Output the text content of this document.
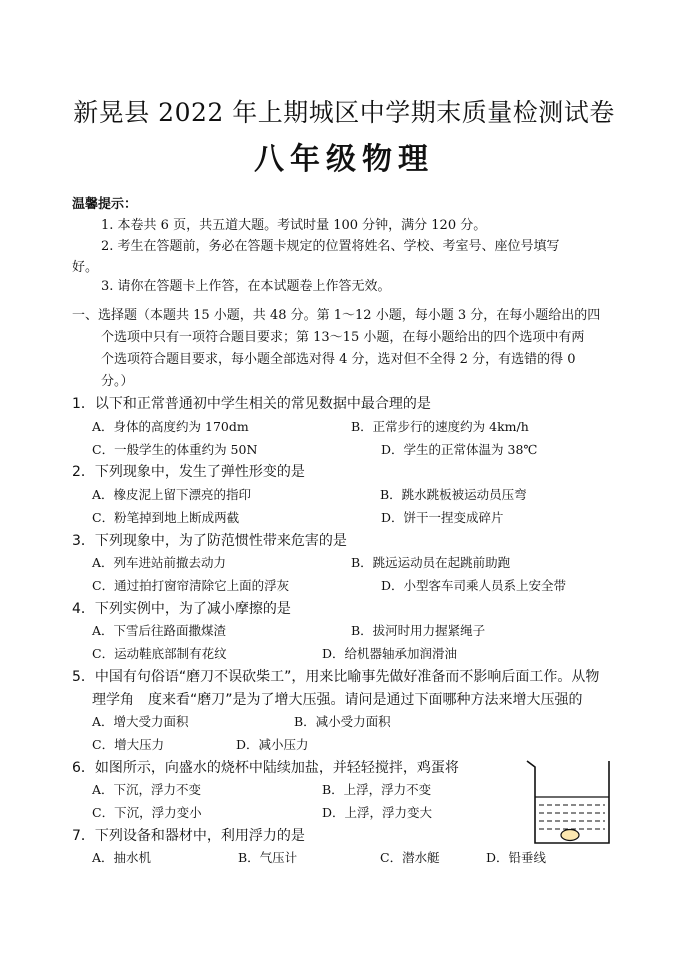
新晃县 2022 年上期城区中学期末质量检测试卷
八年级物理
温馨提示：
1. 本卷共 6 页，共五道大题。考试时量 100 分钟，满分 120 分。
2. 考生在答题前，务必在答题卡规定的位置将姓名、学校、考室号、座位号填写
好。
3. 请你在答题卡上作答，在本试题卷上作答无效。
一、选择题（本题共 15 小题，共 48 分。第 1～12 小题，每小题 3 分，在每小题给出的四
个选项中只有一项符合题目要求；第 13～15 小题，在每小题给出的四个选项中有两
个选项符合题目要求，每小题全部选对得 4 分，选对但不全得 2 分，有选错的得 0
分。）
1．以下和正常普通初中学生相关的常见数据中最合理的是
A．身体的高度约为 170dm	B．正常步行的速度约为 4km/h
C．一般学生的体重约为 50N	D．学生的正常体温为 38℃
2．下列现象中，发生了弹性形变的是
A．橡皮泥上留下漂亮的指印	B．跳水跳板被运动员压弯
C．粉笔掉到地上断成两截	D．饼干一捏变成碎片
3．下列现象中，为了防范惯性带来危害的是
A．列车进站前撤去动力	B．跳远运动员在起跳前助跑
C．通过拍打窗帘清除它上面的浮灰	D．小型客车司乘人员系上安全带
4．下列实例中，为了减小摩擦的是
A．下雪后往路面撒煤渣	B．拔河时用力握紧绳子
C．运动鞋底部制有花纹	D．给机器轴承加润滑油
5．中国有句俗语“磨刀不误砍柴工”，用来比喻事先做好准备而不影响后面工作。从物
理学角　度来看“磨刀”是为了增大压强。请问是通过下面哪种方法来增大压强的
A．增大受力面积	B．减小受力面积
C．增大压力	D．减小压力
6．如图所示，向盛水的烧杯中陆续加盐，并轻轻搅拌，鸡蛋将
A．下沉，浮力不变	B．上浮，浮力不变
C．下沉，浮力变小	D．上浮，浮力变大
7．下列设备和器材中，利用浮力的是
A．抽水机	B．气压计	C．潜水艇	D．铅垂线
